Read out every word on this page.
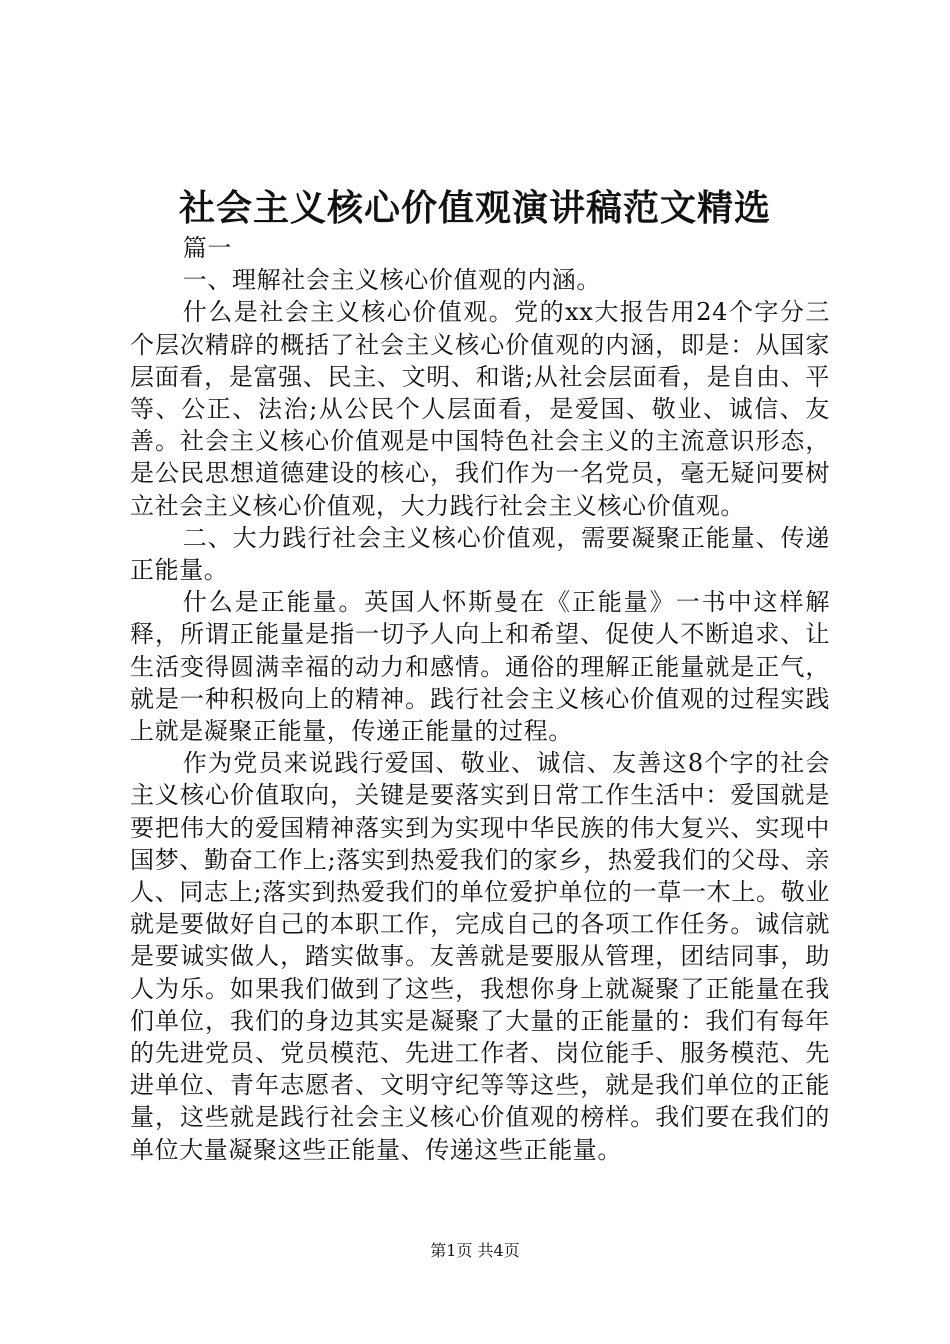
社会主义核心价值观演讲稿范文精选

篇一

一、理解社会主义核心价值观的内涵。

什么是社会主义核心价值观。党的xx大报告用24个字分三个层次精辟的概括了社会主义核心价值观的内涵，即是：从国家层面看，是富强、民主、文明、和谐;从社会层面看，是自由、平等、公正、法治;从公民个人层面看，是爱国、敬业、诚信、友善。社会主义核心价值观是中国特色社会主义的主流意识形态，是公民思想道德建设的核心，我们作为一名党员，毫无疑问要树立社会主义核心价值观，大力践行社会主义核心价值观。

二、大力践行社会主义核心价值观，需要凝聚正能量、传递正能量。

什么是正能量。英国人怀斯曼在《正能量》一书中这样解释，所谓正能量是指一切予人向上和希望、促使人不断追求、让生活变得圆满幸福的动力和感情。通俗的理解正能量就是正气，就是一种积极向上的精神。践行社会主义核心价值观的过程实践上就是凝聚正能量，传递正能量的过程。

作为党员来说践行爱国、敬业、诚信、友善这8个字的社会主义核心价值取向，关键是要落实到日常工作生活中：爱国就是要把伟大的爱国精神落实到为实现中华民族的伟大复兴、实现中国梦、勤奋工作上;落实到热爱我们的家乡，热爱我们的父母、亲人、同志上;落实到热爱我们的单位爱护单位的一草一木上。敬业就是要做好自己的本职工作，完成自己的各项工作任务。诚信就是要诚实做人，踏实做事。友善就是要服从管理，团结同事，助人为乐。如果我们做到了这些，我想你身上就凝聚了正能量在我们单位，我们的身边其实是凝聚了大量的正能量的：我们有每年的先进党员、党员模范、先进工作者、岗位能手、服务模范、先进单位、青年志愿者、文明守纪等等这些，就是我们单位的正能量，这些就是践行社会主义核心价值观的榜样。我们要在我们的单位大量凝聚这些正能量、传递这些正能量。

第1页 共4页
